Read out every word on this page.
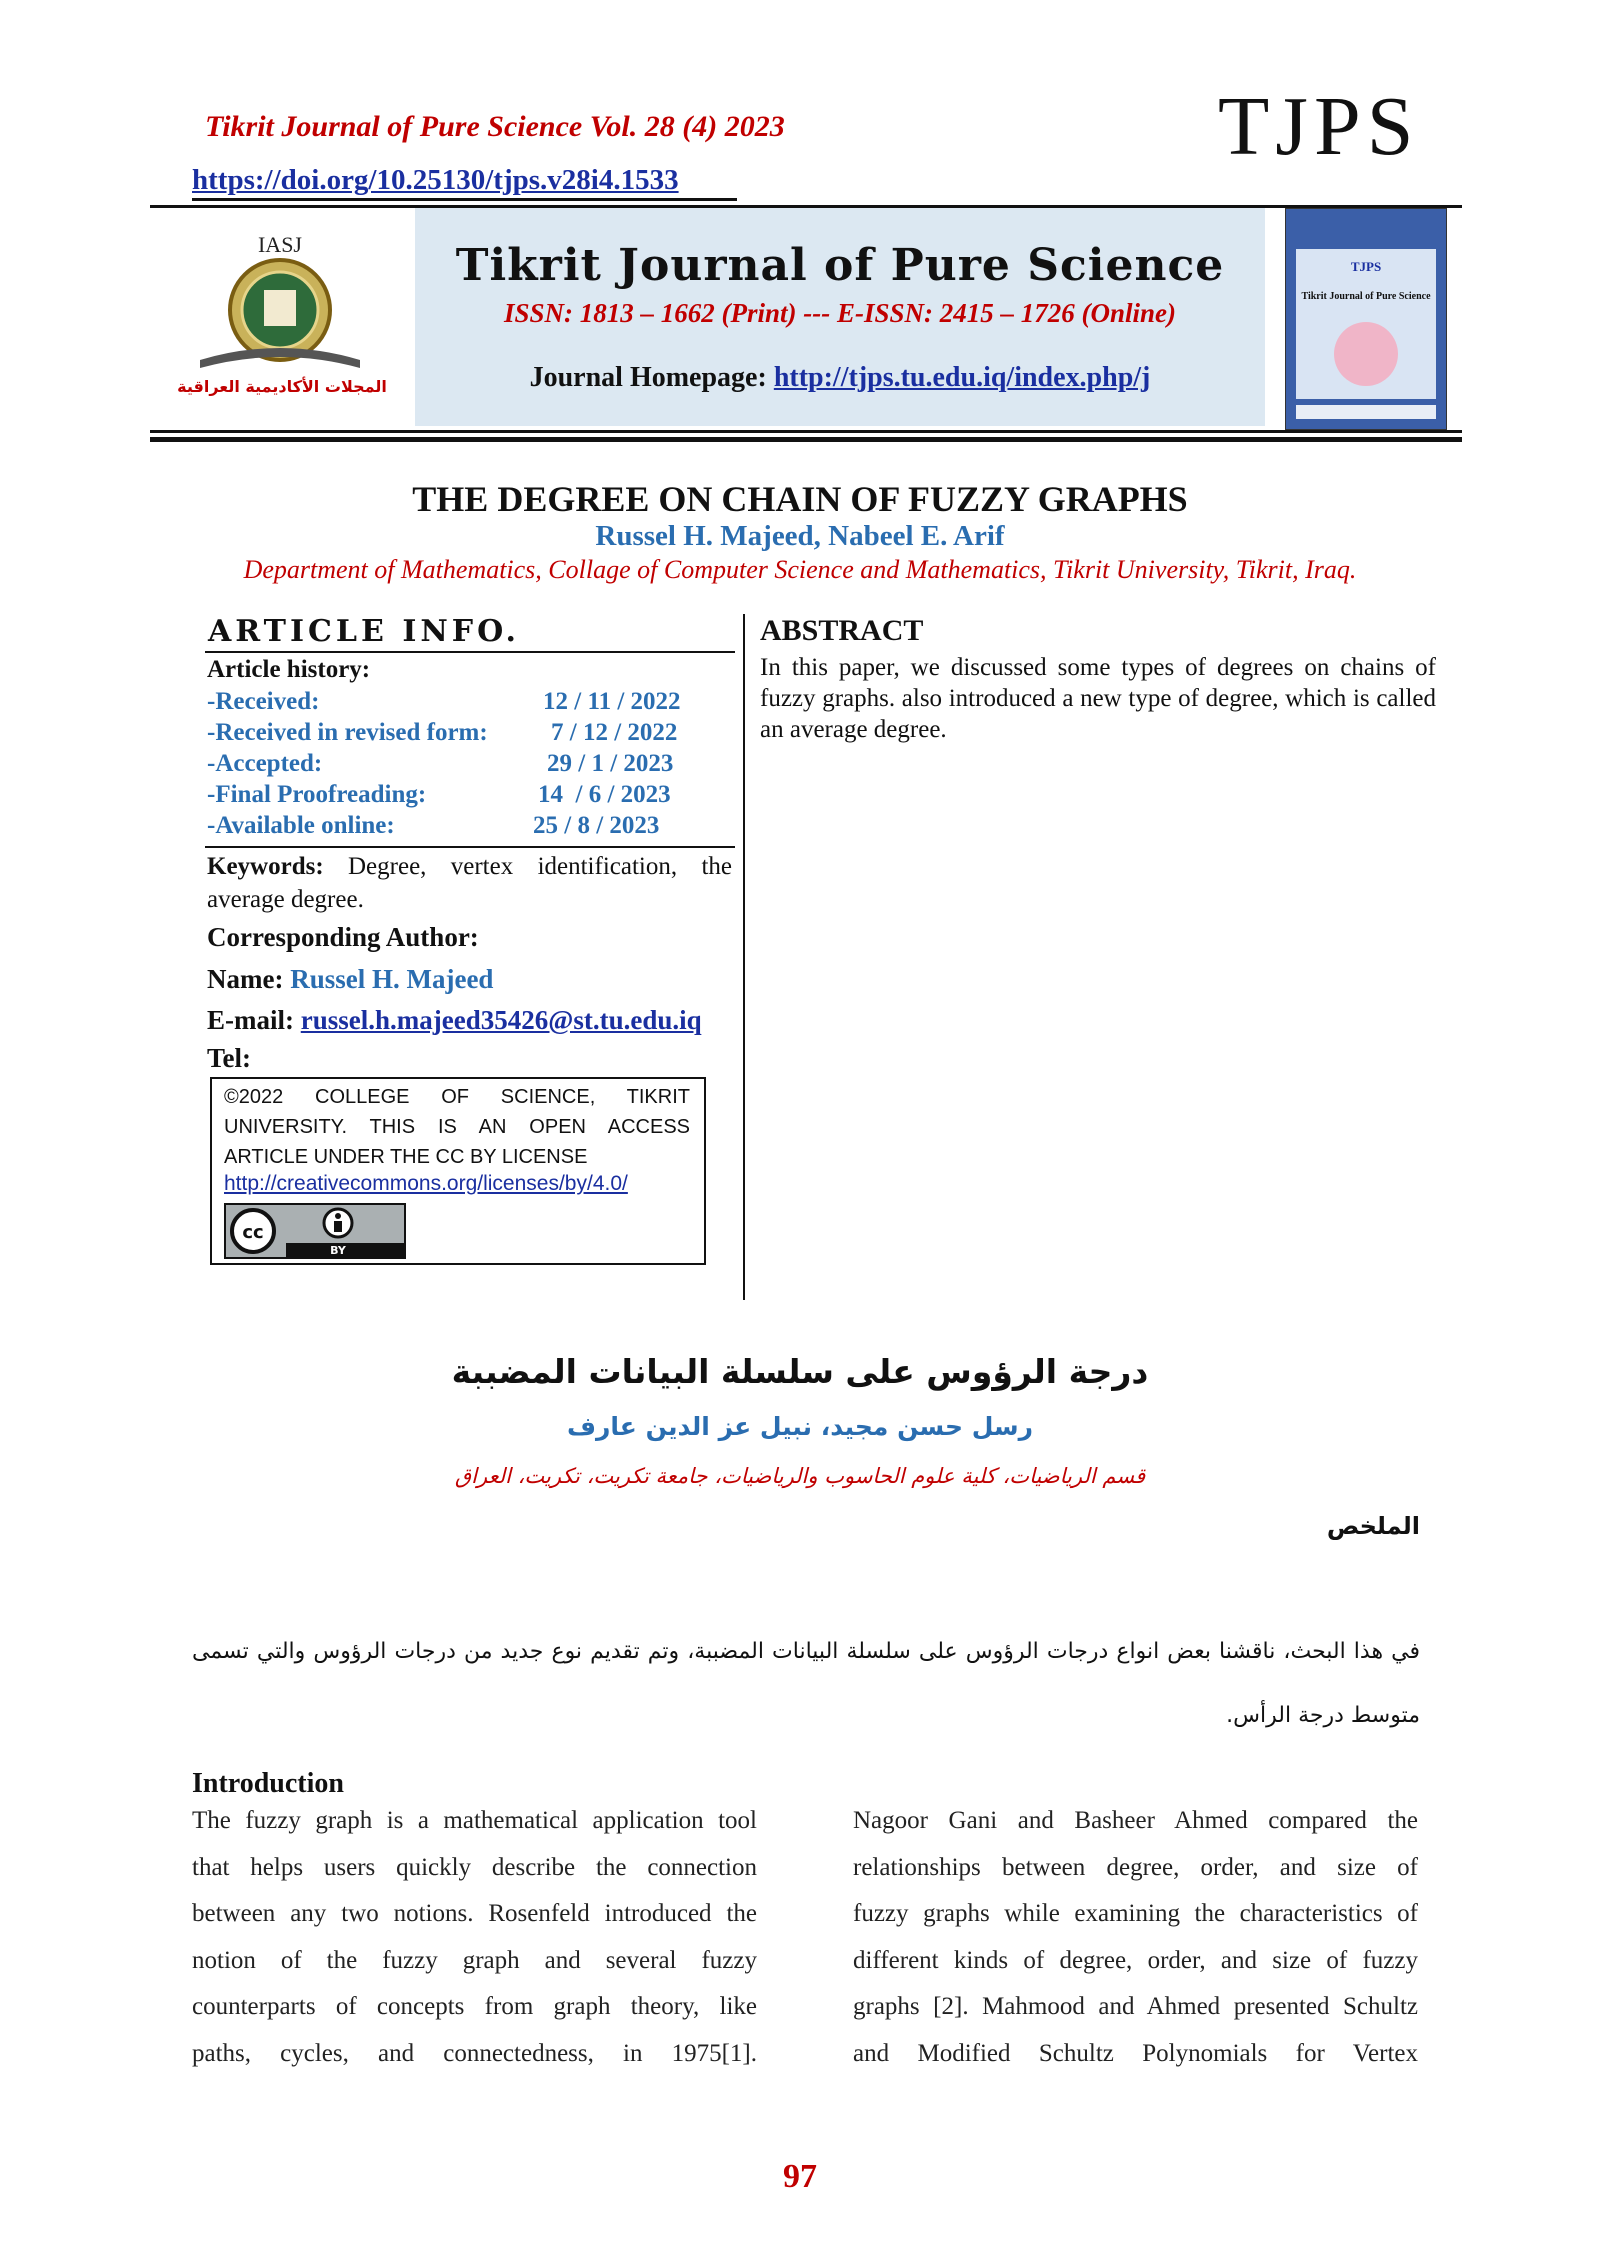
Tikrit Journal of Pure Science Vol. 28 (4) 2023	TJPS
https://doi.org/10.25130/tjps.v28i4.1533
IASJ
المجلات الأكاديمية العراقية
Tikrit Journal of Pure Science
ISSN: 1813 – 1662 (Print) --- E-ISSN: 2415 – 1726 (Online)
Journal Homepage: http://tjps.tu.edu.iq/index.php/j
TJPS
Tikrit Journal of Pure Science
THE DEGREE ON CHAIN OF FUZZY GRAPHS
Russel H. Majeed, Nabeel E. Arif
Department of Mathematics, Collage of Computer Science and Mathematics, Tikrit University, Tikrit, Iraq.
ARTICLE INFO.
Article history:
-Received:	12 / 11 / 2022
-Received in revised form:	7 / 12 / 2022
-Accepted:	29 / 1 / 2023
-Final Proofreading:	14  / 6 / 2023
-Available online:	25 / 8 / 2023
Keywords: Degree, vertex identification, the average degree.
Corresponding Author:
Name: Russel H. Majeed
E-mail: russel.h.majeed35426@st.tu.edu.iq
Tel:
©2022 COLLEGE OF SCIENCE, TIKRIT UNIVERSITY. THIS IS AN OPEN ACCESS ARTICLE UNDER THE CC BY LICENSE
http://creativecommons.org/licenses/by/4.0/
cc
BY
ABSTRACT
In this paper, we discussed some types of degrees on chains of fuzzy graphs. also introduced a new type of degree, which is called an average degree.
درجة الرؤوس على سلسلة البيانات المضببة
رسل حسن مجيد، نبيل عز الدين عارف
قسم الرياضيات، كلية علوم الحاسوب والرياضيات، جامعة تكريت، تكريت، العراق
الملخص
في هذا البحث، ناقشنا بعض انواع درجات الرؤوس على سلسلة البيانات المضببة، وتم تقديم نوع جديد من درجات الرؤوس والتي تسمى متوسط درجة الرأس.
Introduction
The fuzzy graph is a mathematical application tool
that helps users quickly describe the connection
between any two notions. Rosenfeld introduced the
notion of the fuzzy graph and several fuzzy
counterparts of concepts from graph theory, like
paths, cycles, and connectedness, in 1975[1].
Nagoor Gani and Basheer Ahmed compared the
relationships between degree, order, and size of
fuzzy graphs while examining the characteristics of
different kinds of degree, order, and size of fuzzy
graphs [2]. Mahmood and Ahmed presented Schultz
and Modified Schultz Polynomials for Vertex
97
